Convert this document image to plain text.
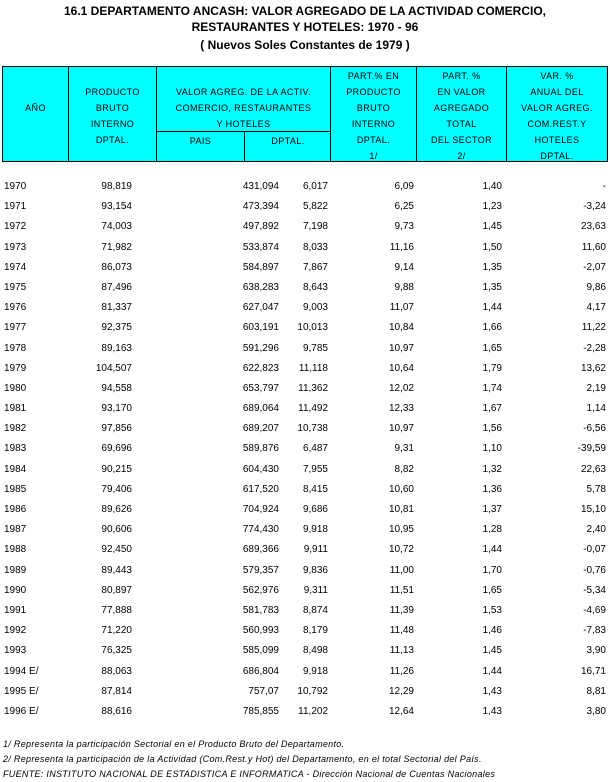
16.1 DEPARTAMENTO ANCASH: VALOR AGREGADO DE LA ACTIVIDAD COMERCIO,
RESTAURANTES Y HOTELES: 1970 - 96
( Nuevos Soles Constantes de 1979 )
AÑO
PRODUCTO
BRUTO
INTERNO
DPTAL.
VALOR AGREG. DE LA ACTIV.
COMERCIO, RESTAURANTES
Y HOTELES
PAIS	DPTAL.
PART.% EN
PRODUCTO
BRUTO
INTERNO
DPTAL.
1/
PART. %
EN VALOR
AGREGADO
TOTAL
DEL SECTOR
2/
VAR. %
ANUAL DEL
VALOR AGREG.
COM.REST.Y
HOTELES
DPTAL.
1970	98,819	431,094 6,017	6,09	1,40	-
1971	93,154	473,394 5,822	6,25	1,23	-3,24
1972	74,003	497,892 7,198	9,73	1,45	23,63
1973	71,982	533,874 8,033	11,16	1,50	11,60
1974	86,073	584,897 7,867	9,14	1,35	-2,07
1975	87,496	638,283 8,643	9,88	1,35	9,86
1976	81,337	627,047 9,003	11,07	1,44	4,17
1977	92,375	603,191 10,013	10,84	1,66	11,22
1978	89,163	591,296 9,785	10,97	1,65	-2,28
1979	104,507	622,823 11,118	10,64	1,79	13,62
1980	94,558	653,797 11,362	12,02	1,74	2,19
1981	93,170	689,064 11,492	12,33	1,67	1,14
1982	97,856	689,207 10,738	10,97	1,56	-6,56
1983	69,696	589,876 6,487	9,31	1,10	-39,59
1984	90,215	604,430 7,955	8,82	1,32	22,63
1985	79,406	617,520 8,415	10,60	1,36	5,78
1986	89,626	704,924 9,686	10,81	1,37	15,10
1987	90,606	774,430 9,918	10,95	1,28	2,40
1988	92,450	689,366 9,911	10,72	1,44	-0,07
1989	89,443	579,357 9,836	11,00	1,70	-0,76
1990	80,897	562,976 9,311	11,51	1,65	-5,34
1991	77,888	581,783 8,874	11,39	1,53	-4,69
1992	71,220	560,993 8,179	11,48	1,46	-7,83
1993	76,325	585,099 8,498	11,13	1,45	3,90
1994 E/	88,063	686,804 9,918	11,26	1,44	16,71
1995 E/	87,814	757,07 10,792	12,29	1,43	8,81
1996 E/	88,616	785,855 11,202	12,64	1,43	3,80
1/ Representa la participación Sectorial en el Producto Bruto del Departamento.
2/ Representa la participación de la Actividad (Com.Rest.y Hot) del Departamento, en el total Sectorial del País.
FUENTE: INSTITUTO NACIONAL DE ESTADISTICA E INFORMATICA - Dirección Nacional de Cuentas Nacionales
